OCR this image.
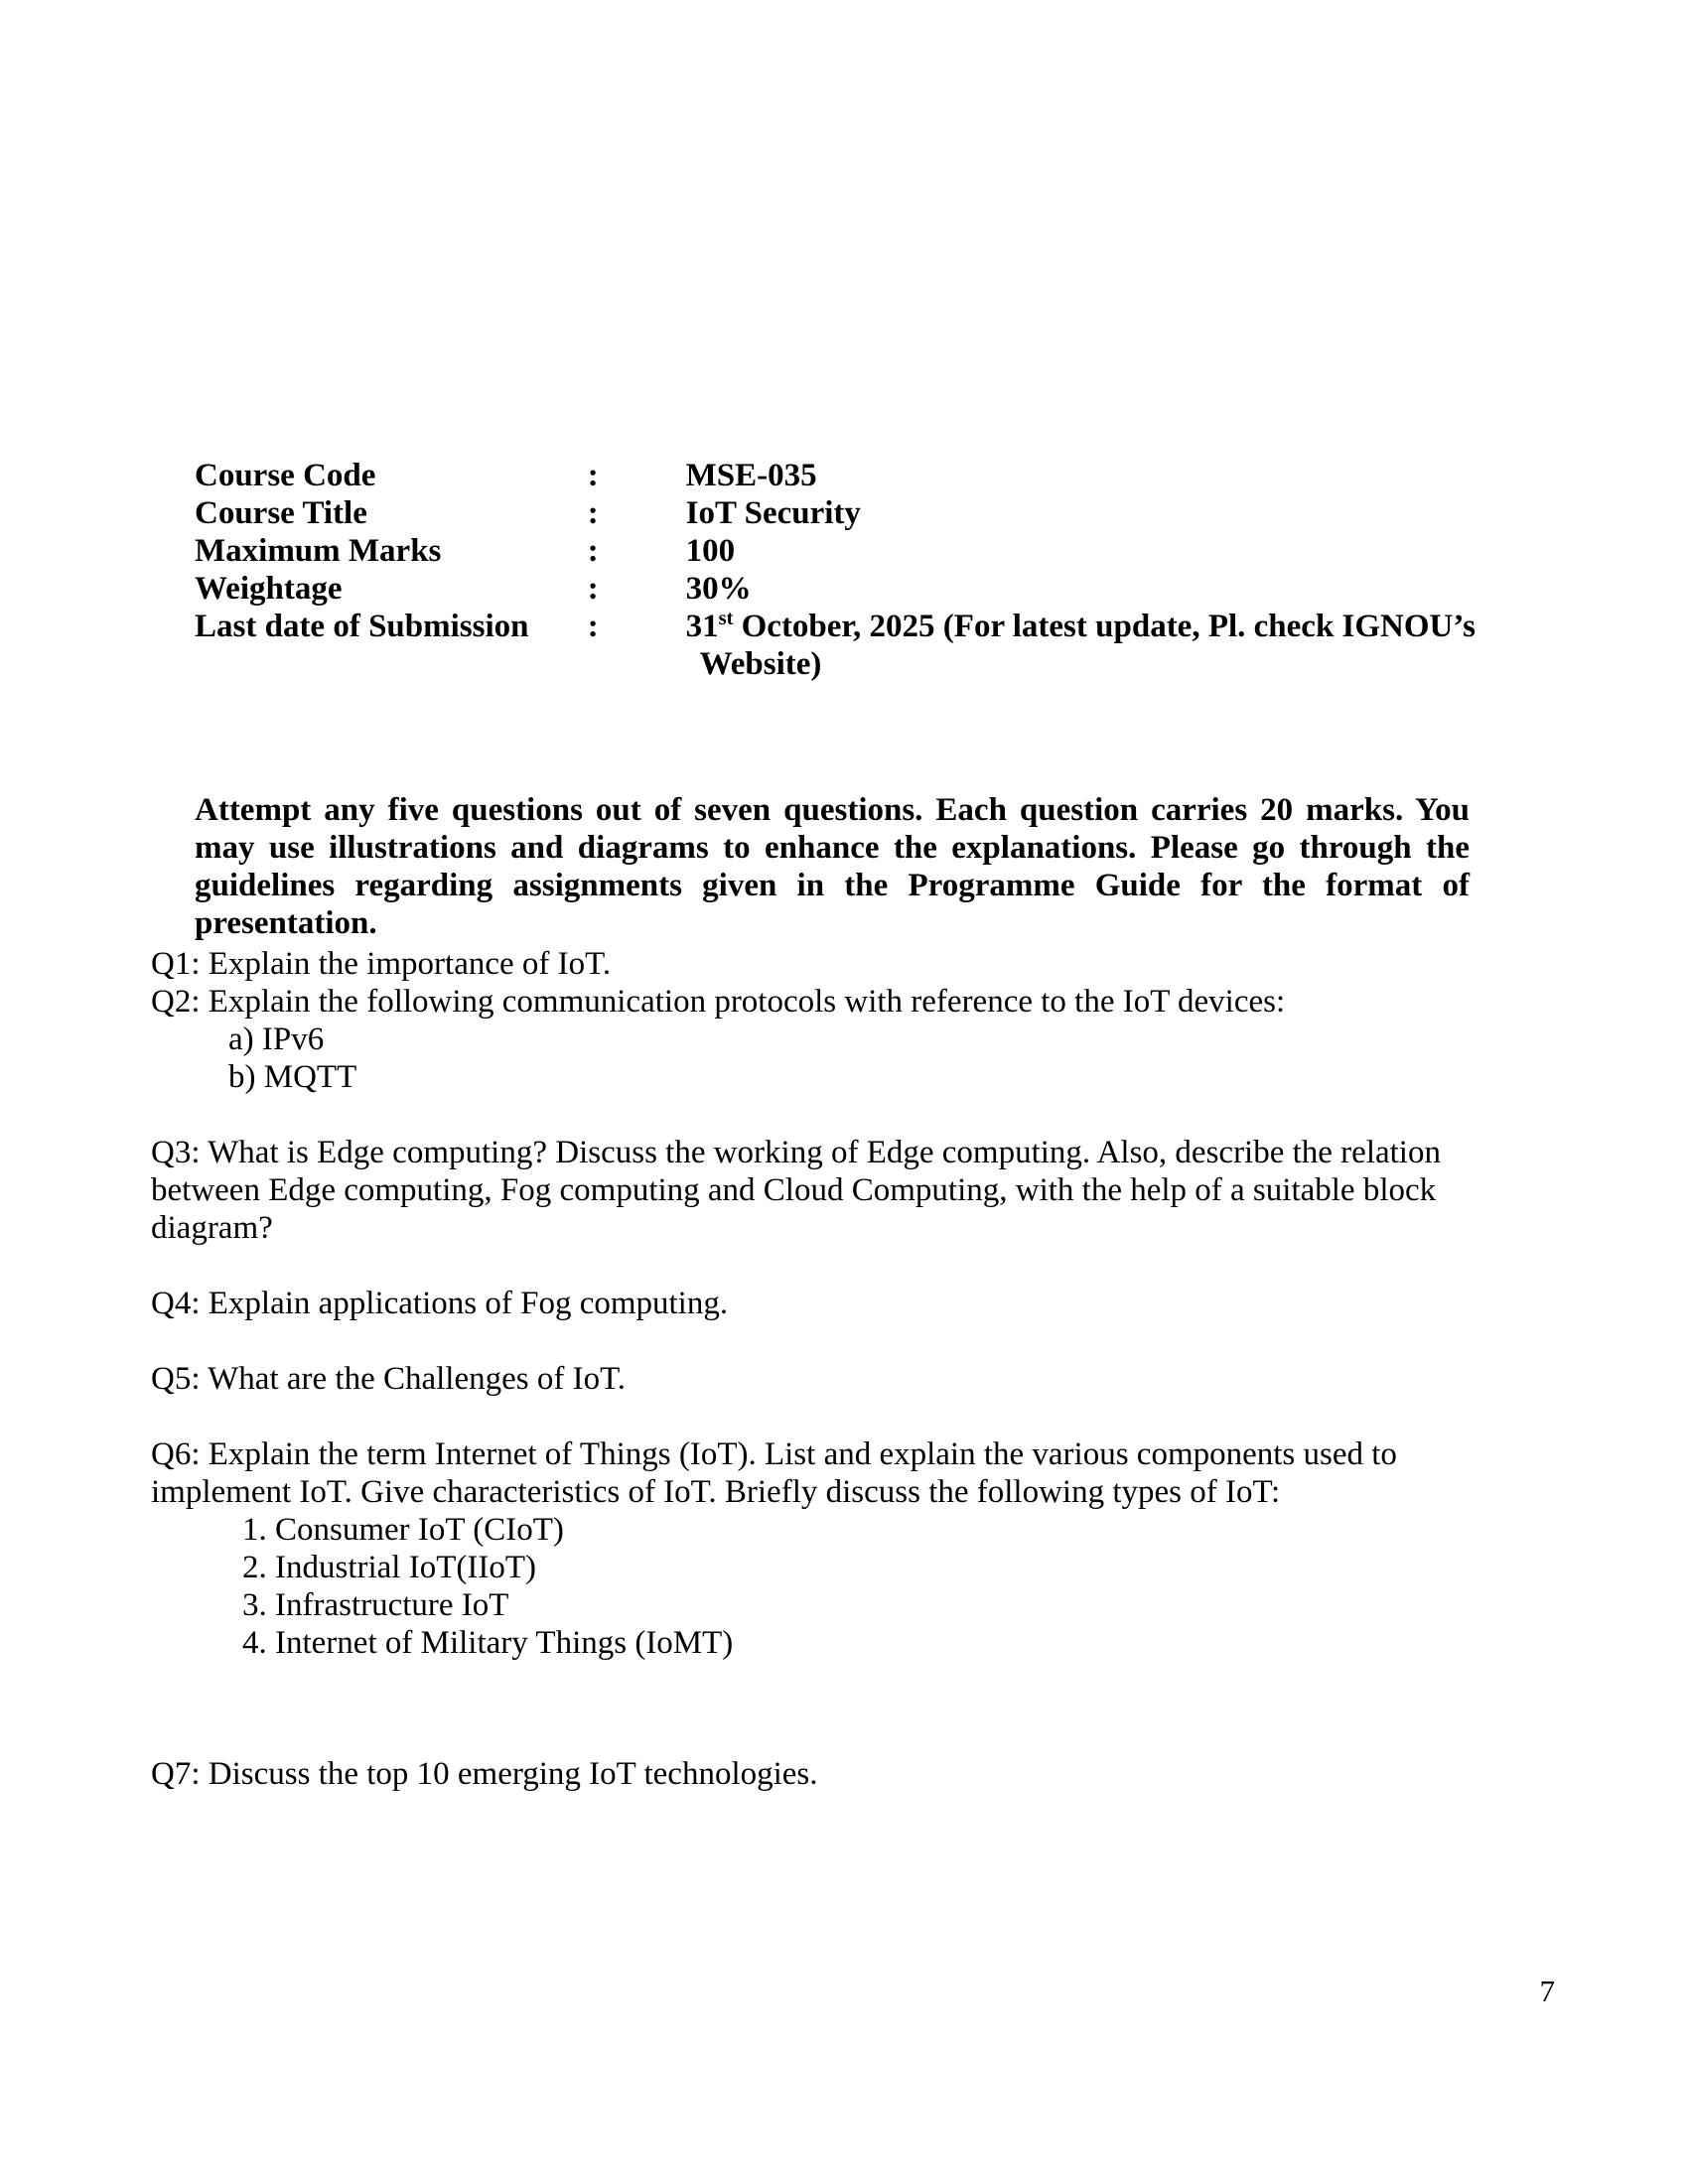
Course Code	:	MSE-035
Course Title	:	IoT Security
Maximum Marks	:	100
Weightage	:	30%
Last date of Submission	:	31st October, 2025 (For latest update, Pl. check IGNOU’s
Website)

Attempt any five questions out of seven questions. Each question carries 20 marks. You may use illustrations and diagrams to enhance the explanations. Please go through the guidelines regarding assignments given in the Programme Guide for the format of presentation.

Q1: Explain the importance of IoT.
Q2: Explain the following communication protocols with reference to the IoT devices:
a) IPv6
b) MQTT
Q3: What is Edge computing? Discuss the working of Edge computing. Also, describe the relation between Edge computing, Fog computing and Cloud Computing, with the help of a suitable block diagram?
Q4: Explain applications of Fog computing.
Q5: What are the Challenges of IoT.
Q6: Explain the term Internet of Things (IoT). List and explain the various components used to implement IoT. Give characteristics of IoT. Briefly discuss the following types of IoT:
1. Consumer IoT (CIoT)
2. Industrial IoT(IIoT)
3. Infrastructure IoT
4. Internet of Military Things (IoMT)
Q7: Discuss the top 10 emerging IoT technologies.
7
